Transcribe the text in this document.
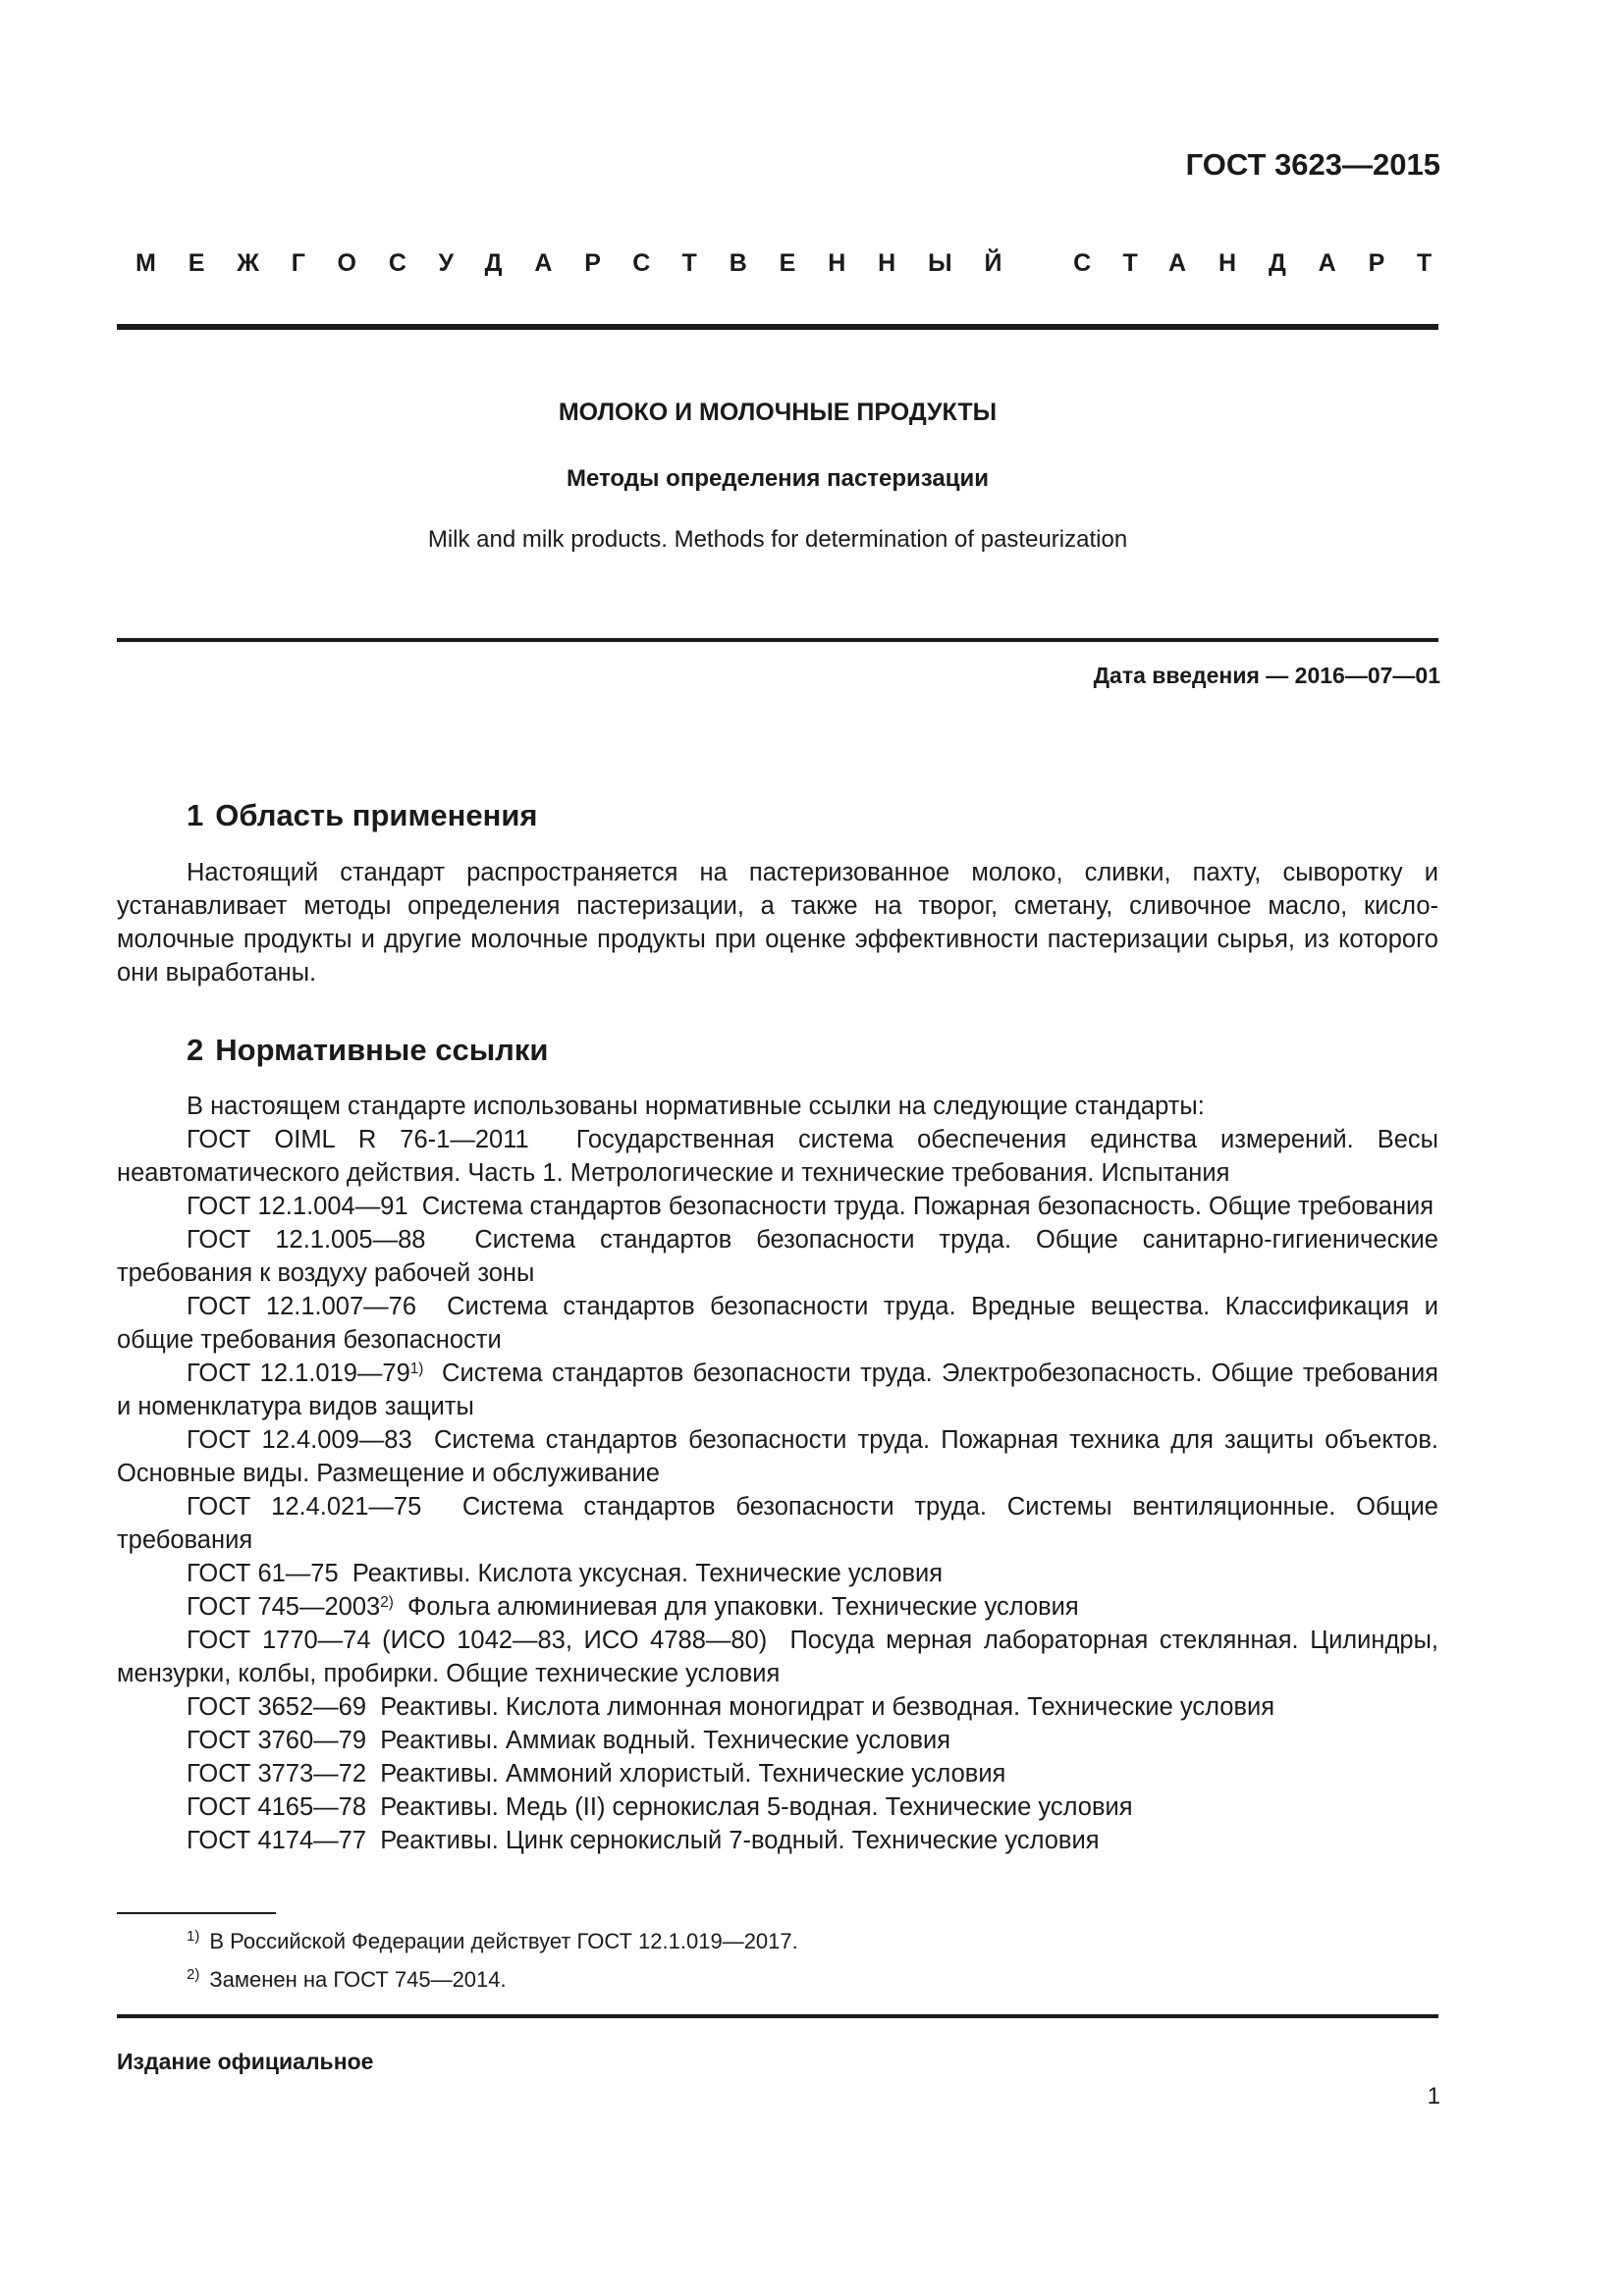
ГОСТ 3623—2015
МЕЖГОСУДАРСТВЕННЫЙ СТАНДАРТ
МОЛОКО И МОЛОЧНЫЕ ПРОДУКТЫ
Методы определения пастеризации
Milk and milk products. Methods for determination of pasteurization
Дата введения — 2016—07—01
1 Область применения

Настоящий стандарт распространяется на пастеризованное молоко, сливки, пахту, сыворотку и устанавливает методы определения пастеризации, а также на творог, сметану, сливочное масло, кисло-молочные продукты и другие молочные продукты при оценке эффективности пастеризации сырья, из которого они выработаны.

2 Нормативные ссылки

В настоящем стандарте использованы нормативные ссылки на следующие стандарты:

ГОСТ OIML R 76-1—2011 Государственная система обеспечения единства измерений. Весы неавтоматического действия. Часть 1. Метрологические и технические требования. Испытания

ГОСТ 12.1.004—91 Система стандартов безопасности труда. Пожарная безопасность. Общие требования

ГОСТ 12.1.005—88 Система стандартов безопасности труда. Общие санитарно-гигиенические требования к воздуху рабочей зоны

ГОСТ 12.1.007—76 Система стандартов безопасности труда. Вредные вещества. Классификация и общие требования безопасности

ГОСТ 12.1.019—79$^{1)}$ Система стандартов безопасности труда. Электробезопасность. Общие требования и номенклатура видов защиты

ГОСТ 12.4.009—83 Система стандартов безопасности труда. Пожарная техника для защиты объектов. Основные виды. Размещение и обслуживание

ГОСТ 12.4.021—75 Система стандартов безопасности труда. Системы вентиляционные. Общие требования

ГОСТ 61—75 Реактивы. Кислота уксусная. Технические условия

ГОСТ 745—2003$^{2)}$ Фольга алюминиевая для упаковки. Технические условия

ГОСТ 1770—74 (ИСО 1042—83, ИСО 4788—80) Посуда мерная лабораторная стеклянная. Цилиндры, мензурки, колбы, пробирки. Общие технические условия

ГОСТ 3652—69 Реактивы. Кислота лимонная моногидрат и безводная. Технические условия

ГОСТ 3760—79 Реактивы. Аммиак водный. Технические условия

ГОСТ 3773—72 Реактивы. Аммоний хлористый. Технические условия

ГОСТ 4165—78 Реактивы. Медь (II) сернокислая 5-водная. Технические условия

ГОСТ 4174—77 Реактивы. Цинк сернокислый 7-водный. Технические условия

$^{1)}$ В Российской Федерации действует ГОСТ 12.1.019—2017.
$^{2)}$ Заменен на ГОСТ 745—2014.
Издание официальное
1
